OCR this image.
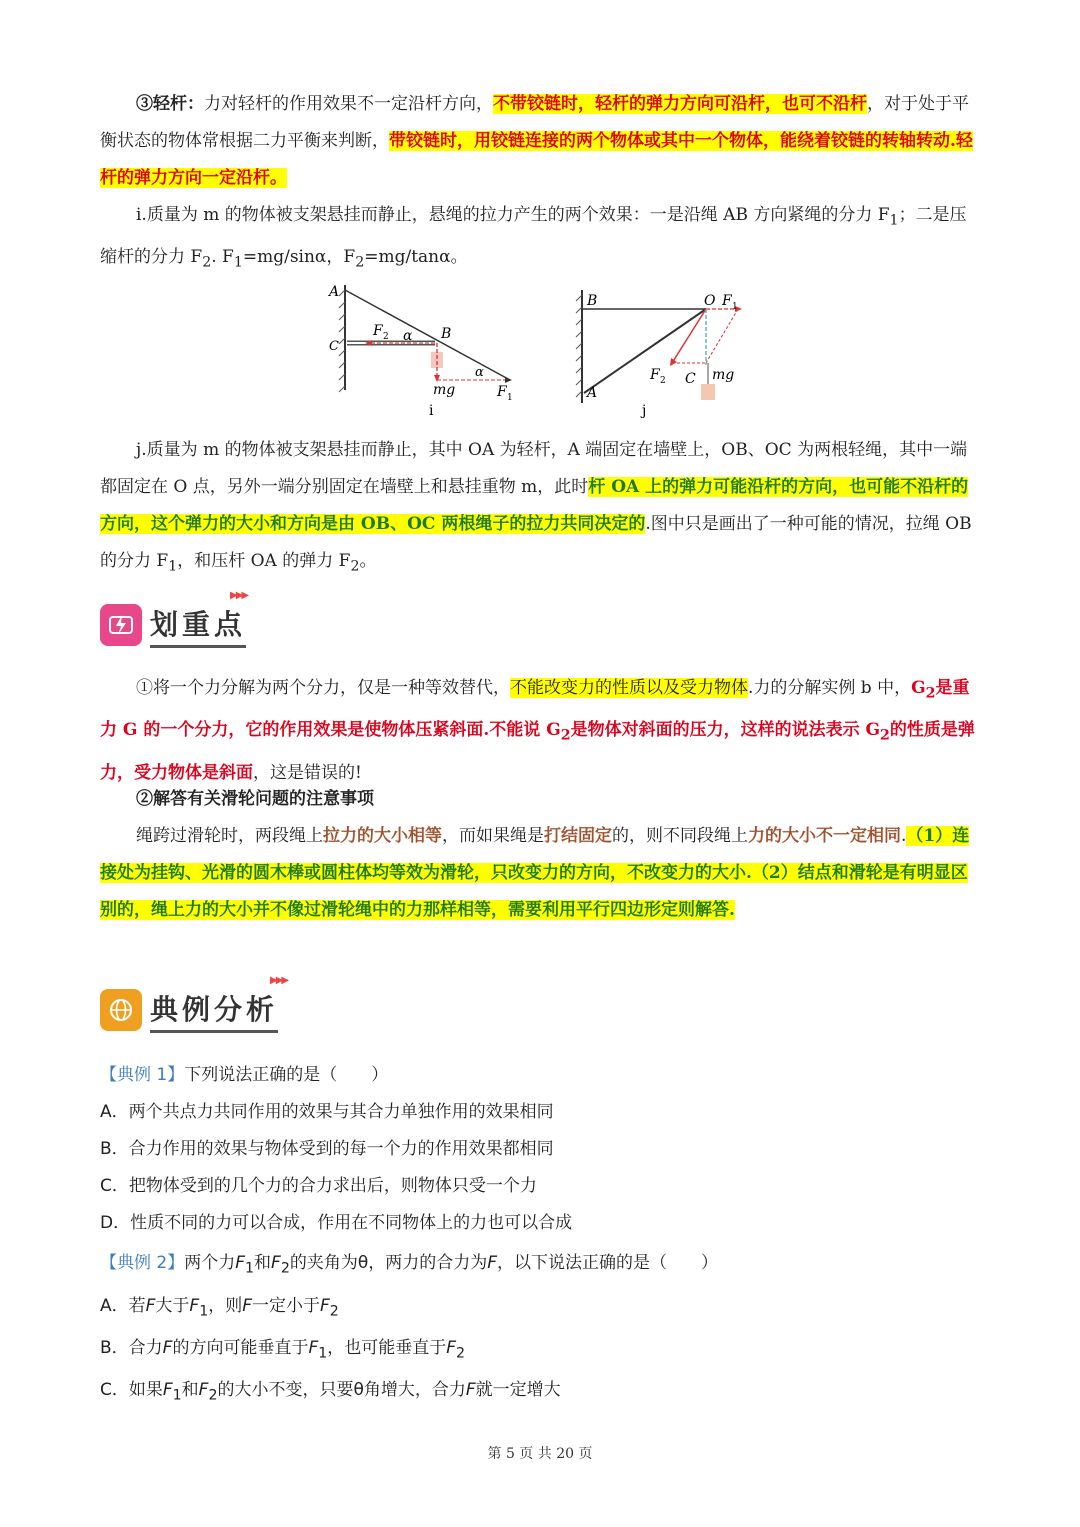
③轻杆：力对轻杆的作用效果不一定沿杆方向，不带铰链时，轻杆的弹力方向可沿杆，也可不沿杆，对于处于平衡状态的物体常根据二力平衡来判断，带铰链时，用铰链连接的两个物体或其中一个物体，能绕着铰链的转轴转动.轻杆的弹力方向一定沿杆。
i.质量为 m 的物体被支架悬挂而静止，悬绳的拉力产生的两个效果：一是沿绳 AB 方向紧绳的分力 $F_1$；二是压缩杆的分力 $F_2$. $F_1=mg$/sinα，$F_2=mg$/tanα。
A
C
B
F 2 α
α
mg	F 1
i
B	O F 1
F 2 C mg
A
j
j.质量为 m 的物体被支架悬挂而静止，其中 OA 为轻杆，A 端固定在墙壁上，OB、OC 为两根轻绳，其中一端都固定在 O 点，另外一端分别固定在墙壁上和悬挂重物 m，此时杆 OA 上的弹力可能沿杆的方向，也可能不沿杆的方向，这个弹力的大小和方向是由 OB、OC 两根绳子的拉力共同决定的.图中只是画出了一种可能的情况，拉绳 OB 的分力 $F_1$，和压杆 OA 的弹力 $F_2$。
划重点
▶▶▶
①将一个力分解为两个分力，仅是一种等效替代，不能改变力的性质以及受力物体.力的分解实例 b 中，$G_2$是重力 G 的一个分力，它的作用效果是使物体压紧斜面.不能说 $G_2$是物体对斜面的压力，这样的说法表示 $G_2$的性质是弹力，受力物体是斜面，这是错误的!
②解答有关滑轮问题的注意事项
绳跨过滑轮时，两段绳上拉力的大小相等，而如果绳是打结固定的，则不同段绳上力的大小不一定相同.（1）连接处为挂钩、光滑的圆木棒或圆柱体均等效为滑轮，只改变力的方向，不改变力的大小.（2）结点和滑轮是有明显区别的，绳上力的大小并不像过滑轮绳中的力那样相等，需要利用平行四边形定则解答.
典例分析
▶▶▶
【典例 1】下列说法正确的是（　　）
A．两个共点力共同作用的效果与其合力单独作用的效果相同
B．合力作用的效果与物体受到的每一个力的作用效果都相同
C．把物体受到的几个力的合力求出后，则物体只受一个力
D．性质不同的力可以合成，作用在不同物体上的力也可以合成
【典例 2】两个力$F_1$和$F_2$的夹角为θ，两力的合力为F，以下说法正确的是（　　）
A．若F大于$F_1$，则F一定小于$F_2$
B．合力F的方向可能垂直于$F_1$，也可能垂直于$F_2$
C．如果$F_1$和$F_2$的大小不变，只要θ角增大，合力F就一定增大
第 5 页 共 20 页
